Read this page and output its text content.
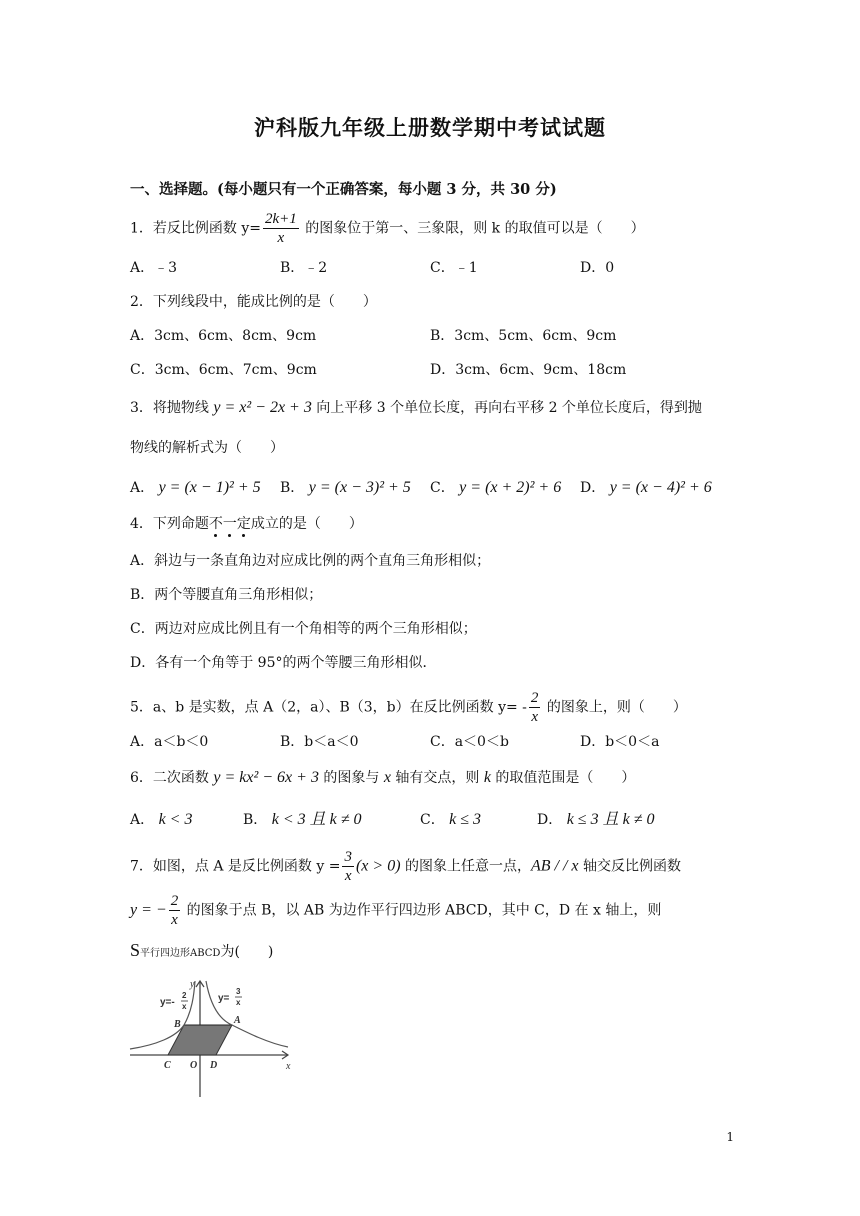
沪科版九年级上册数学期中考试试题
一、选择题。(每小题只有一个正确答案，每小题 3 分，共 30 分)
1．若反比例函数 $y= \frac{2k+1}{x}$ 的图象位于第一、三象限，则 k 的取值可以是（　　）
A．﹣3	B．﹣2	C．﹣1	D．0
2．下列线段中，能成比例的是（　　）
A．3cm、6cm、8cm、9cm	B．3cm、5cm、6cm、9cm
C．3cm、6cm、7cm、9cm	D．3cm、6cm、9cm、18cm
3．将抛物线 y = x² − 2x + 3 向上平移 3 个单位长度，再向右平移 2 个单位长度后，得到抛
物线的解析式为（　　）
A． y = (x − 1)² + 5 B． y = (x − 3)² + 5 C． y = (x + 2)² + 6 D． y = (x − 4)² + 6
4．下列命题不一定成立的是（　　）
A．斜边与一条直角边对应成比例的两个直角三角形相似；
B．两个等腰直角三角形相似；
C．两边对应成比例且有一个角相等的两个三角形相似；
D．各有一个角等于 95°的两个等腰三角形相似．
5．a、b 是实数，点 A（2，a）、B（3，b）在反比例函数 $y= - \frac{2}{x}$ 的图象上，则（　　）
A．a＜b＜0	B．b＜a＜0	C．a＜0＜b	D．b＜0＜a
6．二次函数 y = kx² − 6x + 3 的图象与 x 轴有交点，则 k 的取值范围是（　　）
A． k < 3	B． k < 3 且 k ≠ 0	C． k ≤ 3	D． k ≤ 3 且 k ≠ 0
7．如图，点 A 是反比例函数 $y = \frac{3}{x} (x > 0)$ 的图象上任意一点，AB / / x 轴交反比例函数
y = − $\frac{2}{x}$ 的图象于点 B，以 AB 为边作平行四边形 ABCD，其中 C，D 在 x 轴上，则
S平行四边形ABCD为(　　)
y=-
2
x
y=
3
x
y
x
A
B
C O D
1
